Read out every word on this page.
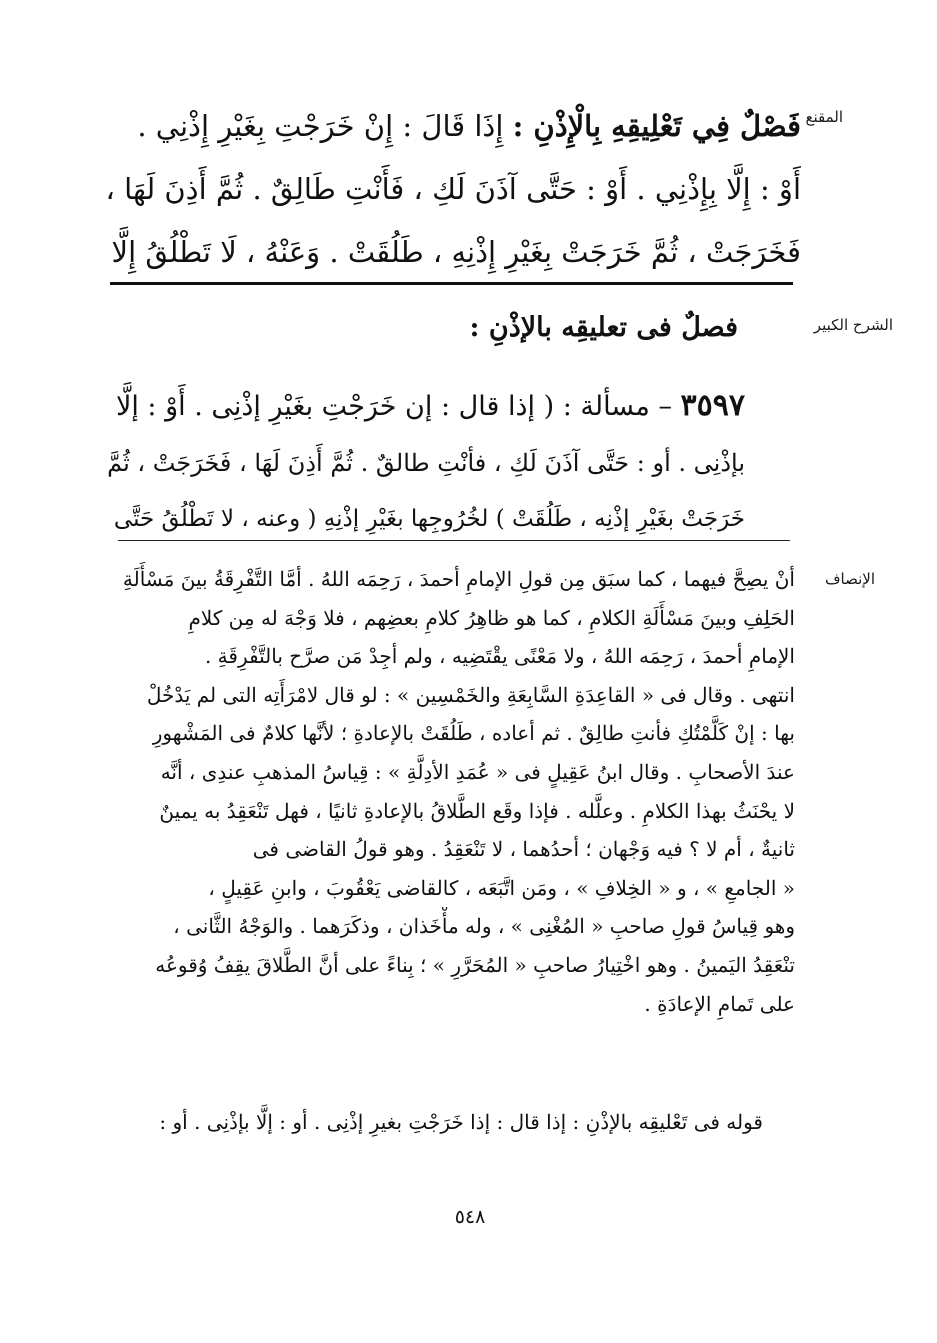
المقنع
فَصْلٌ فِي تَعْلِيقِهِ بِالْإِذْنِ : إِذَا قَالَ : إِنْ خَرَجْتِ بِغَيْرِ إِذْنِي .
أَوْ : إِلَّا بِإِذْنِي . أَوْ : حَتَّى آذَنَ لَكِ ، فَأَنْتِ طَالِقٌ . ثُمَّ أَذِنَ لَهَا ،
فَخَرَجَتْ ، ثُمَّ خَرَجَتْ بِغَيْرِ إِذْنِهِ ، طَلُقَتْ . وَعَنْهُ ، لَا تَطْلُقُ إِلَّا
الشرح الكبير
فصلٌ فى تعليقِه بالإذْنِ :
٣٥٩٧ – مسألة : ( إذا قال : إن خَرَجْتِ بغَيْرِ إذْنِى . أَوْ : إلَّا
بإذْنِى . أو : حَتَّى آذَنَ لَكِ ، فأنْتِ طالقٌ . ثُمَّ أَذِنَ لَهَا ، فَخَرَجَتْ ، ثُمَّ
خَرَجَتْ بغَيْرِ إذْنِه ، طَلُقَتْ ) لخُرُوجِها بغَيْرِ إذْنِهِ ( وعنه ، لا تَطْلُقُ حَتَّى
الإنصاف
أنْ يصِحَّ فيهما ، كما سبَق مِن قولِ الإمامِ أحمدَ ، رَحِمَه اللهُ . أمَّا التَّفْرِقَةُ بينَ مَسْأَلَةِ
الحَلِفِ وبينَ مَسْأَلَةِ الكلامِ ، كما هو ظاهِرُ كلامِ بعضِهم ، فلا وَجْهَ له مِن كلامِ
الإمامِ أحمدَ ، رَحِمَه اللهُ ، ولا مَعْنًى يقْتَضِيه ، ولم أجِدْ مَن صرَّح بالتَّفْرِقَةِ .
انتهى . وقال فى « القاعِدَةِ السَّابِعَةِ والخَمْسِين » : لو قال لامْرَأَتِه التى لم يَدْخُلْ
بها : إنْ كَلَّمْتُكِ فأنتِ طالِقٌ . ثم أعاده ، طَلُقَتْ بالإعادةِ ؛ لأنَّها كلامٌ فى المَشْهورِ
عندَ الأصحابِ . وقال ابنُ عَقِيلٍ فى « عُمَدِ الأدِلَّةِ » : قِياسُ المذهبِ عندِى ، أنَّه
لا يحْنَثُ بهذا الكلامِ . وعلَّله . فإذا وقَع الطَّلاقُ بالإعادةِ ثانيًا ، فهل تَنْعَقِدُ به يمينٌ
ثانيةٌ ، أم لا ؟ فيه وَجْهان ؛ أحدُهما ، لا تَنْعَقِدُ . وهو قولُ القاضى فى
« الجامعِ » ، و « الخِلافِ » ، ومَن اتَّبَعَه ، كالقاضى يَعْقُوبَ ، وابنِ عَقِيلٍ ،
وهو قِياسُ قولِ صاحبِ « المُغْنِى » ، وله مأْخَذان ، وذكَرَهما . والوَجْهُ الثَّانى ،
تنْعَقِدُ اليَمينُ . وهو اخْتِيارُ صاحبِ « المُحَرَّرِ » ؛ بِناءً على أنَّ الطَّلاقَ يقِفُ وُقوعُه
على تَمامِ الإعادَةِ .
قوله فى تَعْليقِه بالإذْنِ : إذا قال : إذا خَرَجْتِ بغيرِ إذْنِى . أو : إلَّا بإذْنِى . أو :
٥٤٨
